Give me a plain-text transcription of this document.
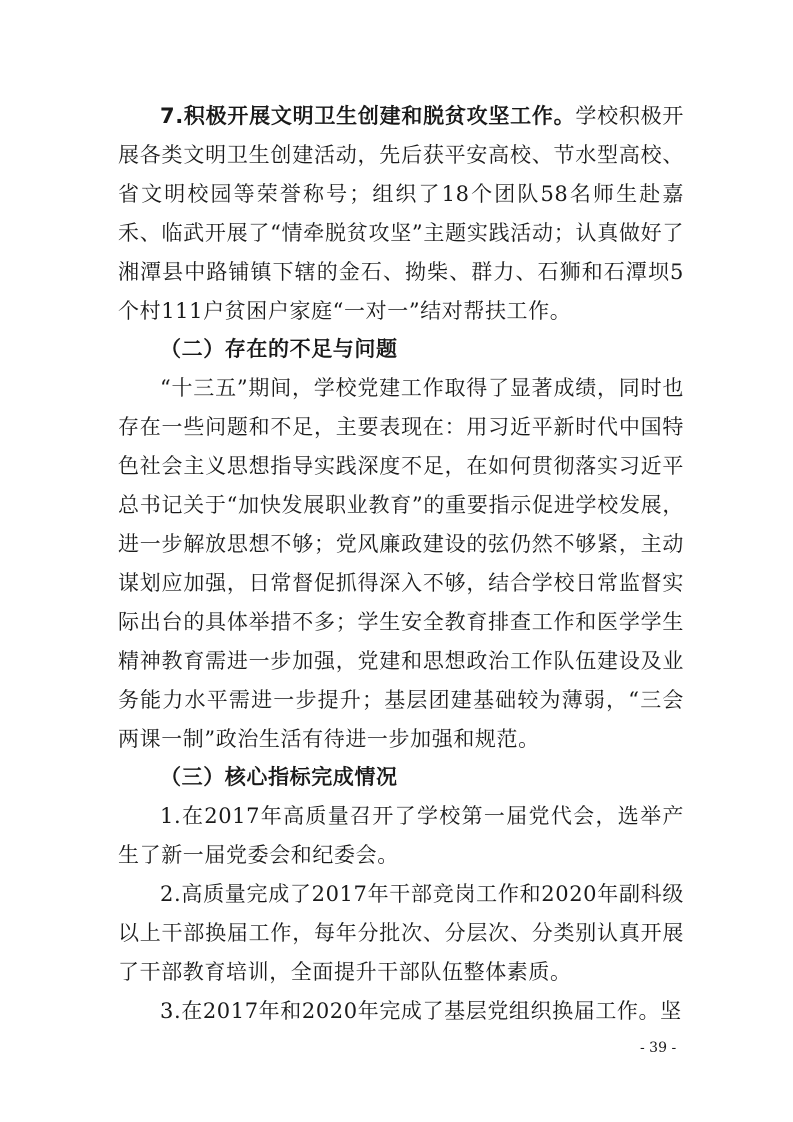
7.积极开展文明卫生创建和脱贫攻坚工作。学校积极开展各类文明卫生创建活动，先后获平安高校、节水型高校、省文明校园等荣誉称号；组织了18个团队58名师生赴嘉禾、临武开展了“情牵脱贫攻坚”主题实践活动；认真做好了湘潭县中路铺镇下辖的金石、拗柴、群力、石狮和石潭坝5个村111户贫困户家庭“一对一”结对帮扶工作。

（二）存在的不足与问题

“十三五”期间，学校党建工作取得了显著成绩，同时也存在一些问题和不足，主要表现在：用习近平新时代中国特色社会主义思想指导实践深度不足，在如何贯彻落实习近平总书记关于“加快发展职业教育”的重要指示促进学校发展，进一步解放思想不够；党风廉政建设的弦仍然不够紧，主动谋划应加强，日常督促抓得深入不够，结合学校日常监督实际出台的具体举措不多；学生安全教育排查工作和医学学生精神教育需进一步加强，党建和思想政治工作队伍建设及业务能力水平需进一步提升；基层团建基础较为薄弱，“三会两课一制”政治生活有待进一步加强和规范。

（三）核心指标完成情况

1.在2017年高质量召开了学校第一届党代会，选举产生了新一届党委会和纪委会。

2.高质量完成了2017年干部竞岗工作和2020年副科级以上干部换届工作，每年分批次、分层次、分类别认真开展了干部教育培训，全面提升干部队伍整体素质。

3.在2017年和2020年完成了基层党组织换届工作。坚

- 39 -
